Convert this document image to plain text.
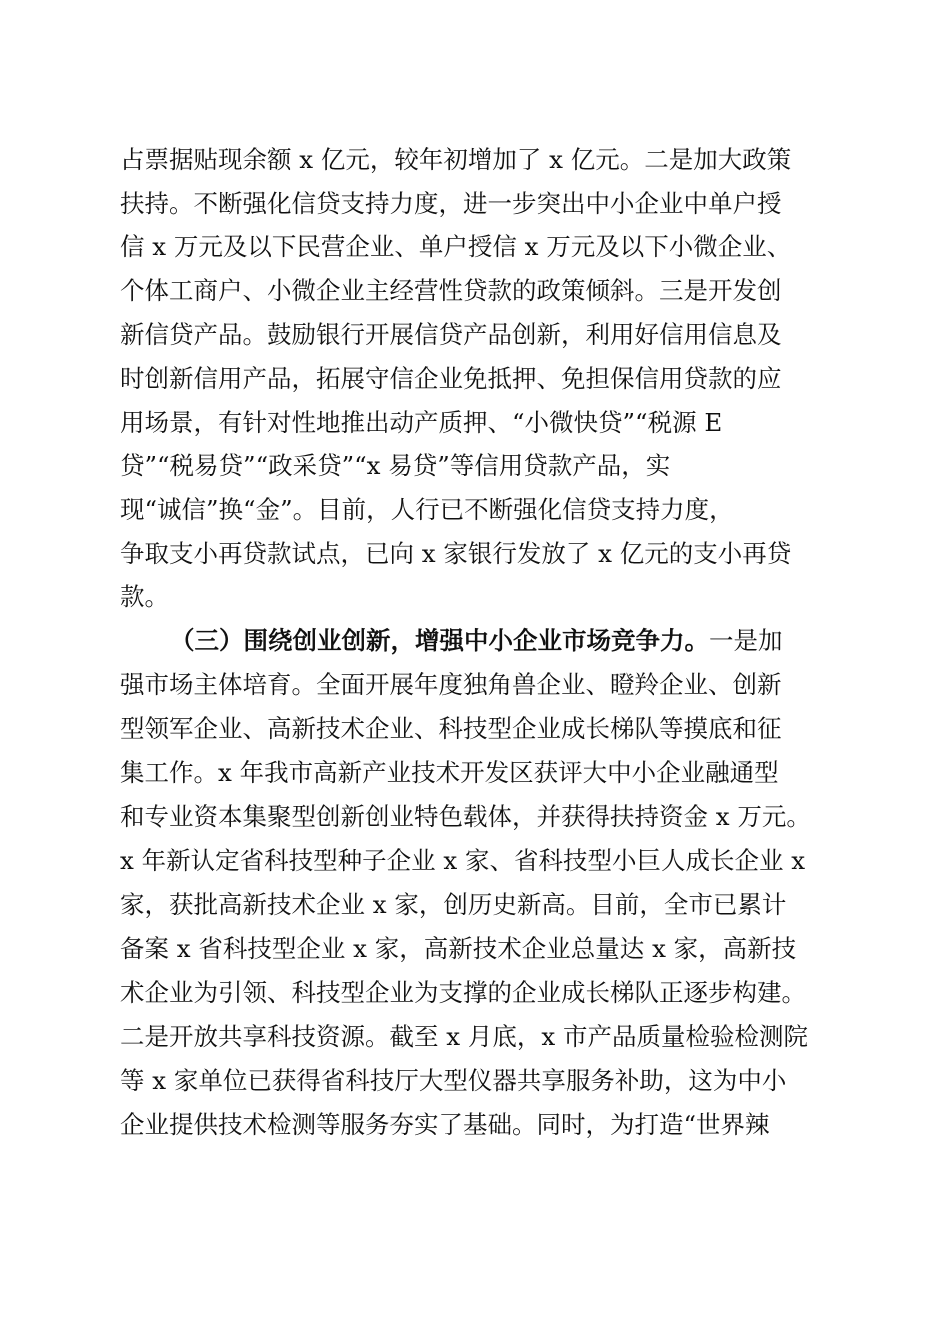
占票据贴现余额 x 亿元，较年初增加了 x 亿元。二是加大政策
扶持。不断强化信贷支持力度，进一步突出中小企业中单户授
信 x 万元及以下民营企业、单户授信 x 万元及以下小微企业、
个体工商户、小微企业主经营性贷款的政策倾斜。三是开发创
新信贷产品。鼓励银行开展信贷产品创新，利用好信用信息及
时创新信用产品，拓展守信企业免抵押、免担保信用贷款的应
用场景，有针对性地推出动产质押、“小微快贷”“税源 E
贷”“税易贷”“政采贷”“x 易贷”等信用贷款产品，实
现“诚信”换“金”。目前，人行已不断强化信贷支持力度，
争取支小再贷款试点，已向 x 家银行发放了 x 亿元的支小再贷
款。
（三）围绕创业创新，增强中小企业市场竞争力。一是加
强市场主体培育。全面开展年度独角兽企业、瞪羚企业、创新
型领军企业、高新技术企业、科技型企业成长梯队等摸底和征
集工作。x 年我市高新产业技术开发区获评大中小企业融通型
和专业资本集聚型创新创业特色载体，并获得扶持资金 x 万元。
x 年新认定省科技型种子企业 x 家、省科技型小巨人成长企业 x
家，获批高新技术企业 x 家，创历史新高。目前，全市已累计
备案 x 省科技型企业 x 家，高新技术企业总量达 x 家，高新技
术企业为引领、科技型企业为支撑的企业成长梯队正逐步构建。
二是开放共享科技资源。截至 x 月底，x 市产品质量检验检测院
等 x 家单位已获得省科技厅大型仪器共享服务补助，这为中小
企业提供技术检测等服务夯实了基础。同时，为打造“世界辣
